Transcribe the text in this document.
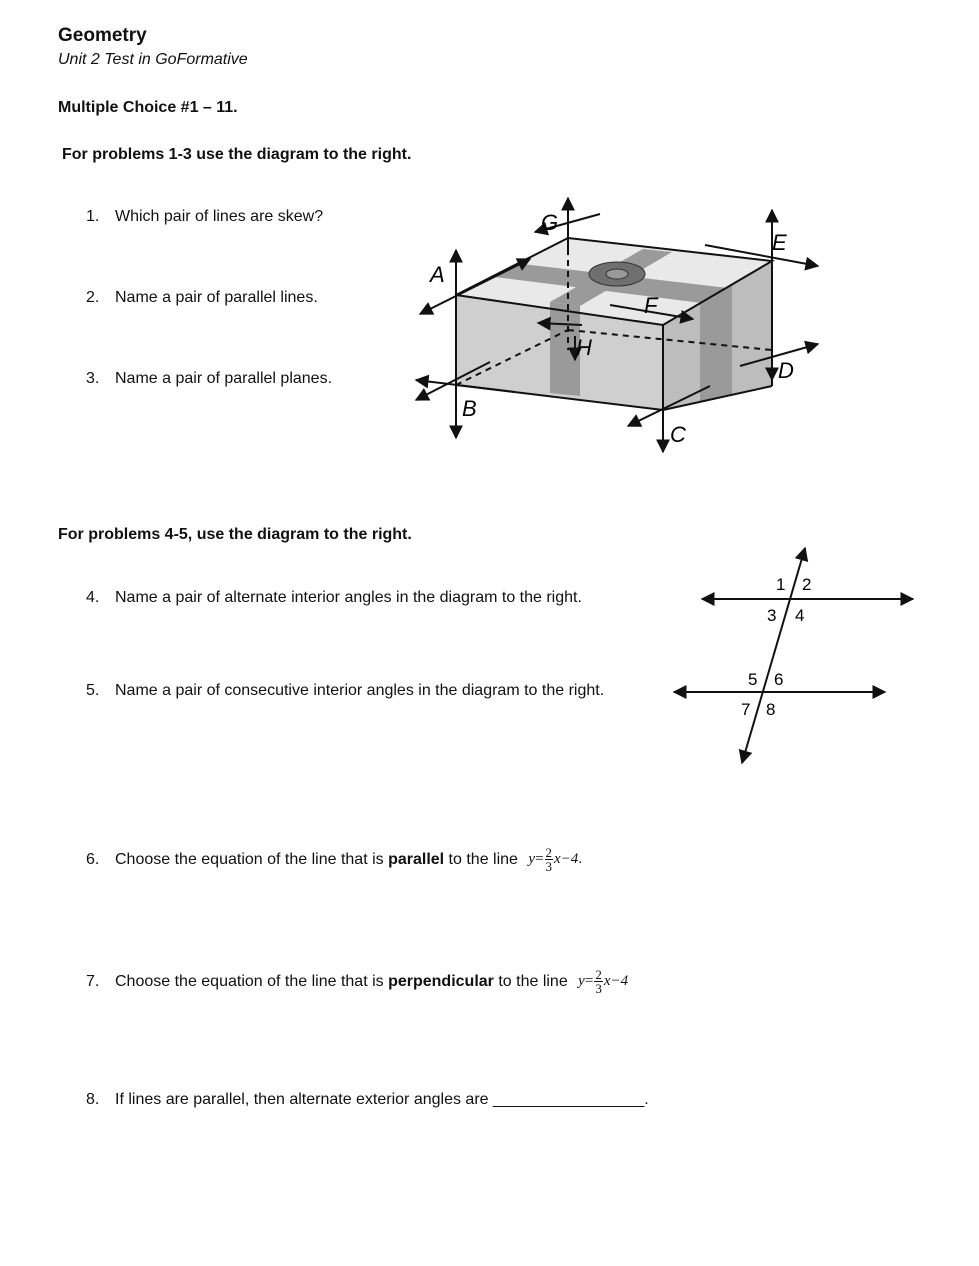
Geometry
Unit 2 Test in GoFormative
Multiple Choice #1 – 11.
For problems 1-3 use the diagram to the right.
1. Which pair of lines are skew?
2. Name a pair of parallel lines.
3. Name a pair of parallel planes.
A
B
C
D
E
F
G
H
For problems 4-5, use the diagram to the right.
4. Name a pair of alternate interior angles in the diagram to the right.
5. Name a pair of consecutive interior angles in the diagram to the right.
1 2
3 4
5 6
7 8
6. Choose the equation of the line that is parallel to the line $y = \frac{2}{3} x-4$ .
7. Choose the equation of the line that is perpendicular to the line $y = \frac{2}{3} x-4$
8. If lines are parallel, then alternate exterior angles are _________________.
